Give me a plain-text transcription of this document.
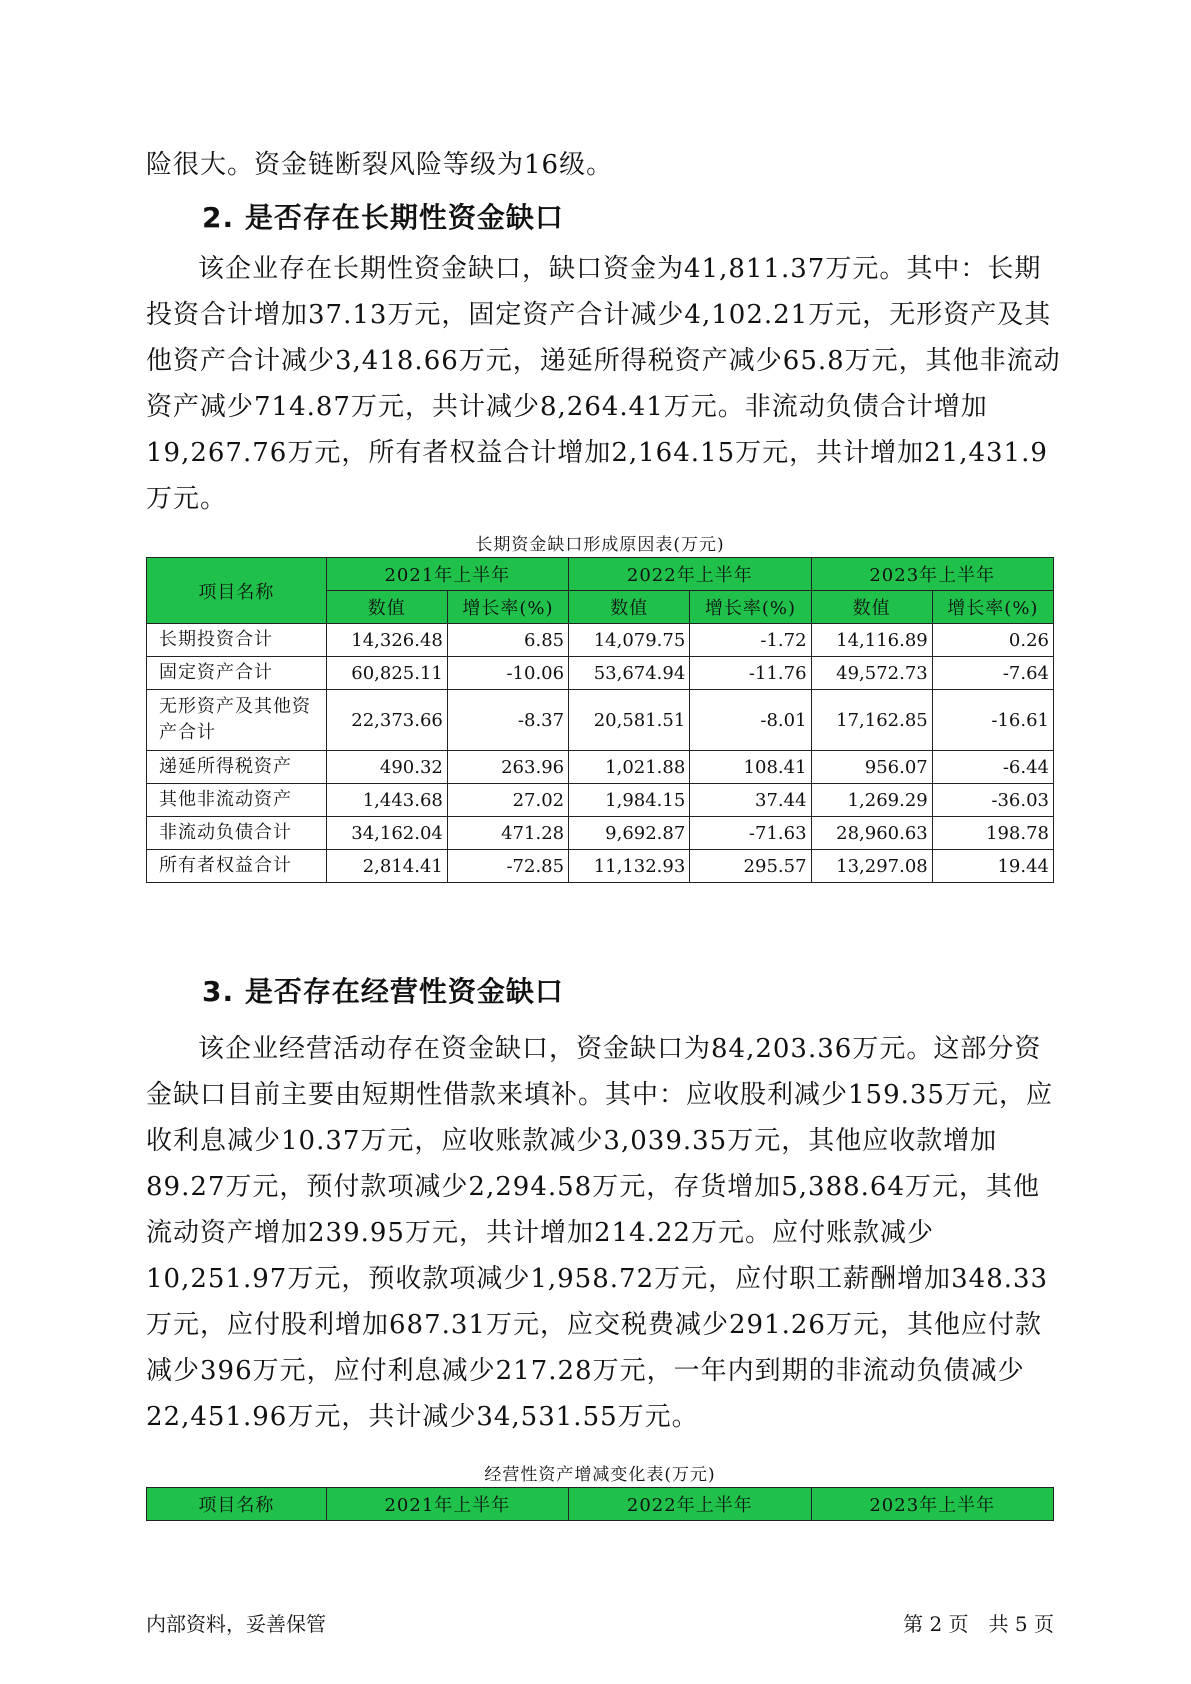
险很大。资金链断裂风险等级为16级。

2. 是否存在长期性资金缺口

该企业存在长期性资金缺口，缺口资金为41,811.37万元。其中：长期投资合计增加37.13万元，固定资产合计减少4,102.21万元，无形资产及其他资产合计减少3,418.66万元，递延所得税资产减少65.8万元，其他非流动资产减少714.87万元，共计减少8,264.41万元。非流动负债合计增加19,267.76万元，所有者权益合计增加2,164.15万元，共计增加21,431.9万元。

长期资金缺口形成原因表(万元)
项目名称	2021年上半年		2022年上半年		2023年上半年	
	数值	增长率(%)	数值	增长率(%)	数值	增长率(%)
长期投资合计	14,326.48	6.85	14,079.75	-1.72	14,116.89	0.26
固定资产合计	60,825.11	-10.06	53,674.94	-11.76	49,572.73	-7.64
无形资产及其他资产合计	22,373.66	-8.37	20,581.51	-8.01	17,162.85	-16.61
递延所得税资产	490.32	263.96	1,021.88	108.41	956.07	-6.44
其他非流动资产	1,443.68	27.02	1,984.15	37.44	1,269.29	-36.03
非流动负债合计	34,162.04	471.28	9,692.87	-71.63	28,960.63	198.78
所有者权益合计	2,814.41	-72.85	11,132.93	295.57	13,297.08	19.44
3. 是否存在经营性资金缺口

该企业经营活动存在资金缺口，资金缺口为84,203.36万元。这部分资金缺口目前主要由短期性借款来填补。其中：应收股利减少159.35万元，应收利息减少10.37万元，应收账款减少3,039.35万元，其他应收款增加89.27万元，预付款项减少2,294.58万元，存货增加5,388.64万元，其他流动资产增加239.95万元，共计增加214.22万元。应付账款减少10,251.97万元，预收款项减少1,958.72万元，应付职工薪酬增加348.33万元，应付股利增加687.31万元，应交税费减少291.26万元，其他应付款减少396万元，应付利息减少217.28万元，一年内到期的非流动负债减少22,451.96万元，共计减少34,531.55万元。

经营性资产增减变化表(万元)
项目名称	2021年上半年	2022年上半年	2023年上半年
内部资料，妥善保管	第 2 页　共 5 页
